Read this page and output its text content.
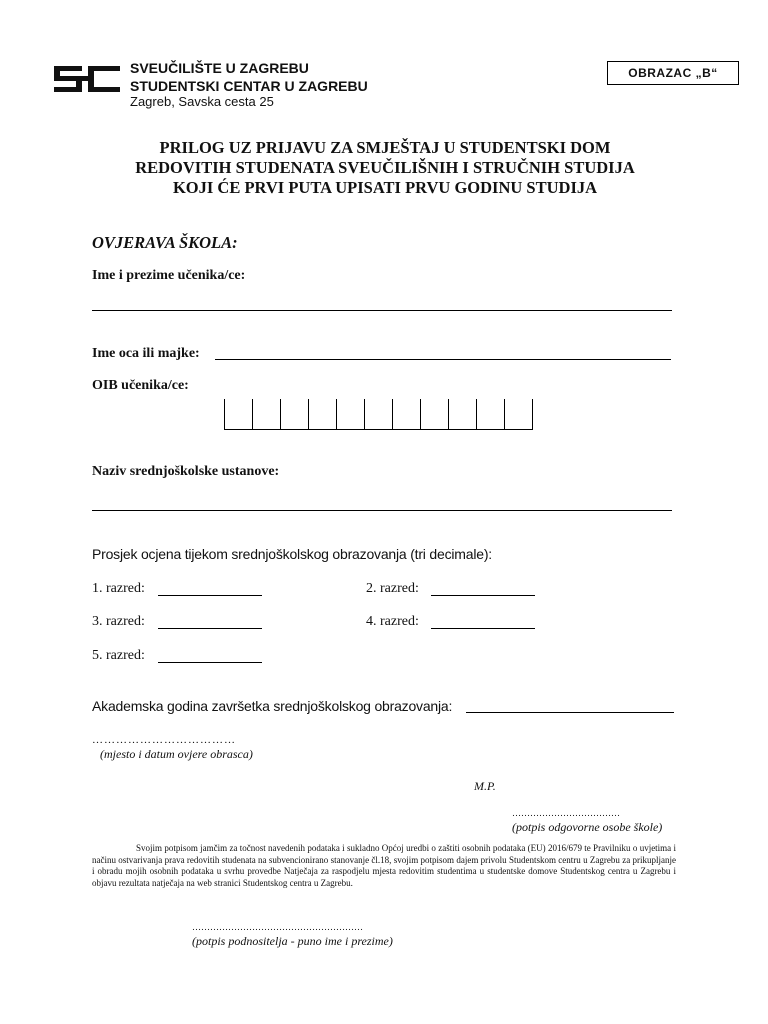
SVEUČILIŠTE U ZAGREBU
STUDENTSKI CENTAR U ZAGREBU
Zagreb, Savska cesta 25
OBRAZAC „B“
PRILOG UZ PRIJAVU ZA SMJEŠTAJ U STUDENTSKI DOM
REDOVITIH STUDENATA SVEUČILIŠNIH I STRUČNIH STUDIJA
KOJI ĆE PRVI PUTA UPISATI PRVU GODINU STUDIJA
OVJERAVA ŠKOLA:
Ime i prezime učenika/ce:
Ime oca ili majke:
OIB učenika/ce:
Naziv srednjoškolske ustanove:
Prosjek ocjena tijekom srednjoškolskog obrazovanja (tri decimale):
1. razred:	2. razred:
3. razred:	4. razred:
5. razred:
Akademska godina završetka srednjoškolskog obrazovanja:
………………………………
(mjesto i datum ovjere obrasca)
M.P.
………………………………
(potpis odgovorne osobe škole)

Svojim potpisom jamčim za točnost navedenih podataka i sukladno Općoj uredbi o zaštiti osobnih podataka (EU) 2016/679 te Pravilniku o uvjetima i načinu ostvarivanja prava redovitih studenata na subvencionirano stanovanje čl.18, svojim potpisom dajem privolu Studentskom centru u Zagrebu za prikupljanje i obradu mojih osobnih podataka u svrhu provedbe Natječaja za raspodjelu mjesta redovitim studentima u studentske domove Studentskog centra u Zagrebu i objavu rezultata natječaja na web stranici Studentskog centra u Zagrebu.

…………………………………………………
(potpis podnositelja - puno ime i prezime)
